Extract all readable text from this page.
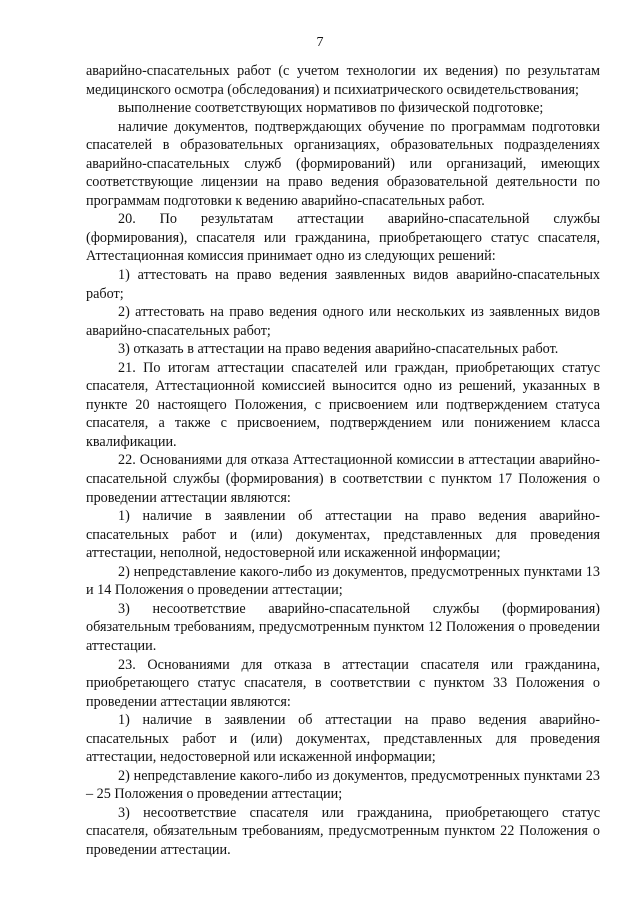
7

аварийно-спасательных работ (с учетом технологии их ведения) по результатам медицинского осмотра (обследования) и психиатрического освидетельствования;

выполнение соответствующих нормативов по физической подготовке;

наличие документов, подтверждающих обучение по программам подготовки спасателей в образовательных организациях, образовательных подразделениях аварийно-спасательных служб (формирований) или организаций, имеющих соответствующие лицензии на право ведения образовательной деятельности по программам подготовки к ведению аварийно-спасательных работ.

20. По результатам аттестации аварийно-спасательной службы (формирования), спасателя или гражданина, приобретающего статус спасателя, Аттестационная комиссия принимает одно из следующих решений:

1) аттестовать на право ведения заявленных видов аварийно-спасательных работ;

2) аттестовать на право ведения одного или нескольких из заявленных видов аварийно-спасательных работ;

3) отказать в аттестации на право ведения аварийно-спасательных работ.

21. По итогам аттестации спасателей или граждан, приобретающих статус спасателя, Аттестационной комиссией выносится одно из решений, указанных в пункте 20 настоящего Положения, с присвоением или подтверждением статуса спасателя, а также с присвоением, подтверждением или понижением класса квалификации.

22. Основаниями для отказа Аттестационной комиссии в аттестации аварийно-спасательной службы (формирования) в соответствии с пунктом 17 Положения о проведении аттестации являются:

1) наличие в заявлении об аттестации на право ведения аварийно-спасательных работ и (или) документах, представленных для проведения аттестации, неполной, недостоверной или искаженной информации;

2) непредставление какого-либо из документов, предусмотренных пунктами 13 и 14 Положения о проведении аттестации;

3) несоответствие аварийно-спасательной службы (формирования) обязательным требованиям, предусмотренным пунктом 12 Положения о проведении аттестации.

23. Основаниями для отказа в аттестации спасателя или гражданина, приобретающего статус спасателя, в соответствии с пунктом 33 Положения о проведении аттестации являются:

1) наличие в заявлении об аттестации на право ведения аварийно-спасательных работ и (или) документах, представленных для проведения аттестации, недостоверной или искаженной информации;

2) непредставление какого-либо из документов, предусмотренных пунктами 23 – 25 Положения о проведении аттестации;

3) несоответствие спасателя или гражданина, приобретающего статус спасателя, обязательным требованиям, предусмотренным пунктом 22 Положения о проведении аттестации.
